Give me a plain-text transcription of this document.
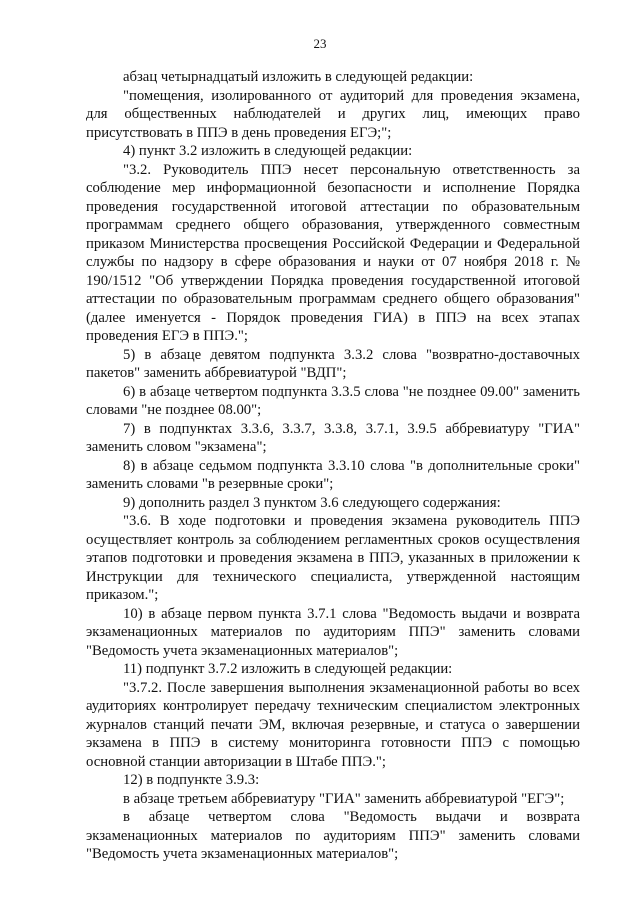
23

абзац четырнадцатый изложить в следующей редакции:

"помещения, изолированного от аудиторий для проведения экзамена, для общественных наблюдателей и других лиц, имеющих право присутствовать в ППЭ в день проведения ЕГЭ;";

4) пункт 3.2 изложить в следующей редакции:

"3.2. Руководитель ППЭ несет персональную ответственность за соблюдение мер информационной безопасности и исполнение Порядка проведения государственной итоговой аттестации по образовательным программам среднего общего образования, утвержденного совместным приказом Министерства просвещения Российской Федерации и Федеральной службы по надзору в сфере образования и науки от 07 ноября 2018 г. № 190/1512 "Об утверждении Порядка проведения государственной итоговой аттестации по образовательным программам среднего общего образования" (далее именуется - Порядок проведения ГИА) в ППЭ на всех этапах проведения ЕГЭ в ППЭ.";

5) в абзаце девятом подпункта 3.3.2 слова "возвратно-доставочных пакетов" заменить аббревиатурой "ВДП";

6) в абзаце четвертом подпункта 3.3.5 слова "не позднее 09.00" заменить словами "не позднее 08.00";

7) в подпунктах 3.3.6, 3.3.7, 3.3.8, 3.7.1, 3.9.5 аббревиатуру "ГИА" заменить словом "экзамена";

8) в абзаце седьмом подпункта 3.3.10 слова "в дополнительные сроки" заменить словами "в резервные сроки";

9) дополнить раздел 3 пунктом 3.6 следующего содержания:

"3.6. В ходе подготовки и проведения экзамена руководитель ППЭ осуществляет контроль за соблюдением регламентных сроков осуществления этапов подготовки и проведения экзамена в ППЭ, указанных в приложении к Инструкции для технического специалиста, утвержденной настоящим приказом.";

10) в абзаце первом пункта 3.7.1 слова "Ведомость выдачи и возврата экзаменационных материалов по аудиториям ППЭ" заменить словами "Ведомость учета экзаменационных материалов";

11) подпункт 3.7.2 изложить в следующей редакции:

"3.7.2. После завершения выполнения экзаменационной работы во всех аудиториях контролирует передачу техническим специалистом электронных журналов станций печати ЭМ, включая резервные, и статуса о завершении экзамена в ППЭ в систему мониторинга готовности ППЭ с помощью основной станции авторизации в Штабе ППЭ.";

12) в подпункте 3.9.3:

в абзаце третьем аббревиатуру "ГИА" заменить аббревиатурой "ЕГЭ";

в абзаце четвертом слова "Ведомость выдачи и возврата экзаменационных материалов по аудиториям ППЭ" заменить словами "Ведомость учета экзаменационных материалов";
